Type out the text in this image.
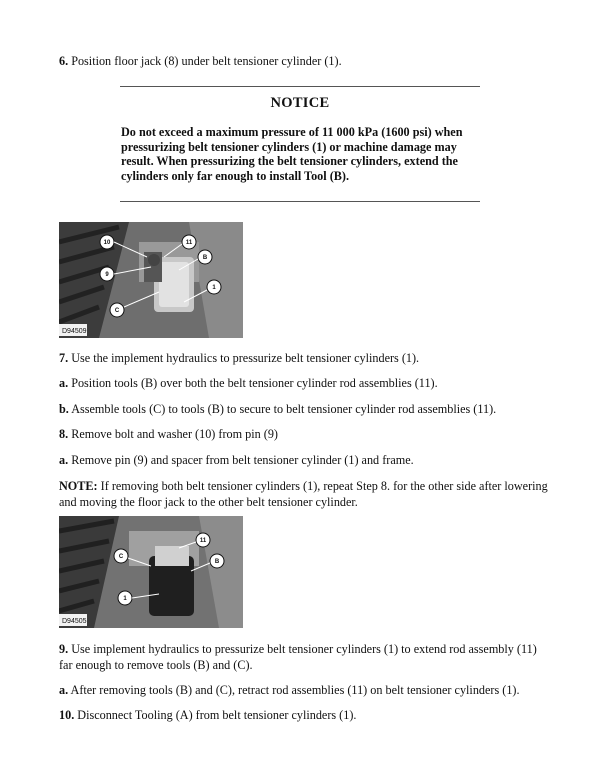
6. Position floor jack (8) under belt tensioner cylinder (1).

NOTICE

Do not exceed a maximum pressure of 11 000 kPa (1600 psi) when pressurizing belt tensioner cylinders (1) or machine damage may result. When pressurizing the belt tensioner cylinders, extend the cylinders only far enough to install Tool (B).

10	11
B
9
1
C
D94509

7. Use the implement hydraulics to pressurize belt tensioner cylinders (1).

a. Position tools (B) over both the belt tensioner cylinder rod assemblies (11).

b. Assemble tools (C) to tools (B) to secure to belt tensioner cylinder rod assemblies (11).

8. Remove bolt and washer (10) from pin (9)

a. Remove pin (9) and spacer from belt tensioner cylinder (1) and frame.

NOTE: If removing both belt tensioner cylinders (1), repeat Step 8. for the other side after lowering and moving the floor jack to the other belt tensioner cylinder.

C
11
B
1
D94505

9. Use implement hydraulics to pressurize belt tensioner cylinders (1) to extend rod assembly (11) far enough to remove tools (B) and (C).

a. After removing tools (B) and (C), retract rod assemblies (11) on belt tensioner cylinders (1).

10. Disconnect Tooling (A) from belt tensioner cylinders (1).
